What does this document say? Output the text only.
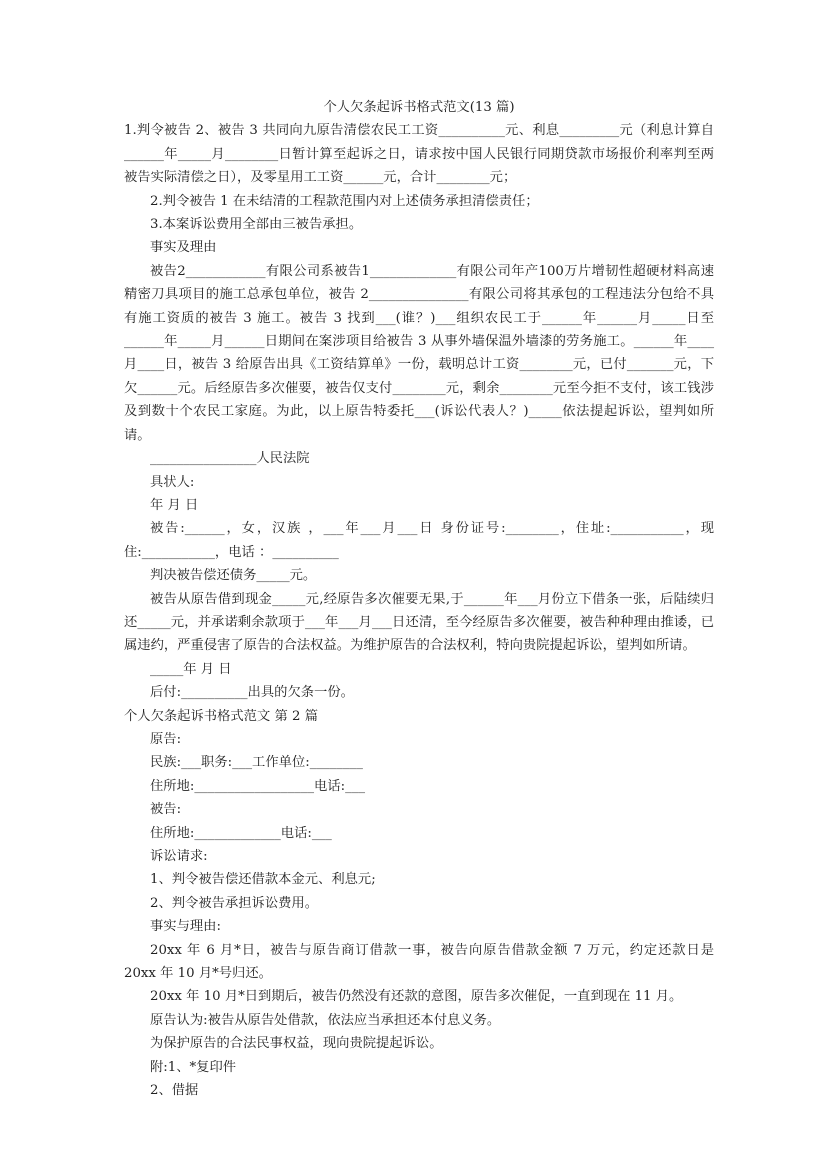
个人欠条起诉书格式范文(13 篇)
1.判令被告 2、被告 3 共同向九原告清偿农民工工资__________元、利息_________元（利息计算自______年_____月________日暂计算至起诉之日，请求按中国人民银行同期贷款市场报价利率判至两被告实际清偿之日），及零星用工工资______元，合计________元；
2.判令被告 1 在未结清的工程款范围内对上述债务承担清偿责任；
3.本案诉讼费用全部由三被告承担。
事实及理由
被告2____________有限公司系被告1_____________有限公司年产100万片增韧性超硬材料高速精密刀具项目的施工总承包单位，被告 2_______________有限公司将其承包的工程违法分包给不具有施工资质的被告 3 施工。被告 3 找到___(谁？)___组织农民工于______年______月_____日至______年_____月______日期间在案涉项目给被告 3 从事外墙保温外墙漆的劳务施工。______年____月____日，被告 3 给原告出具《工资结算单》一份，载明总计工资________元，已付_______元，下欠______元。后经原告多次催要，被告仅支付________元，剩余________元至今拒不支付，该工钱涉及到数十个农民工家庭。为此，以上原告特委托___(诉讼代表人？)_____依法提起诉讼，望判如所请。
________________人民法院
具状人:
年 月 日
被告:______，女，汉族 ，___年___月___日 身份证号:________，住址:___________，现住:___________，电话 ：__________
判决被告偿还债务_____元。
被告从原告借到现金_____元,经原告多次催要无果,于______年___月份立下借条一张，后陆续归还_____元，并承诺剩余款项于___年___月___日还清，至今经原告多次催要，被告种种理由推诿，已属违约，严重侵害了原告的合法权益。为维护原告的合法权利，特向贵院提起诉讼，望判如所请。
_____年 月 日
后付:__________出具的欠条一份。
个人欠条起诉书格式范文 第 2 篇
原告:
民族:___职务:___工作单位:________
住所地:__________________电话:___
被告:
住所地:_____________电话:___
诉讼请求:
1、判令被告偿还借款本金元、利息元;
2、判令被告承担诉讼费用。
事实与理由:
20xx 年 6 月*日，被告与原告商订借款一事，被告向原告借款金额 7 万元，约定还款日是 20xx 年 10 月*号归还。
20xx 年 10 月*日到期后，被告仍然没有还款的意图，原告多次催促，一直到现在 11 月。
原告认为:被告从原告处借款，依法应当承担还本付息义务。
为保护原告的合法民事权益，现向贵院提起诉讼。
附:1、*复印件
2、借据
